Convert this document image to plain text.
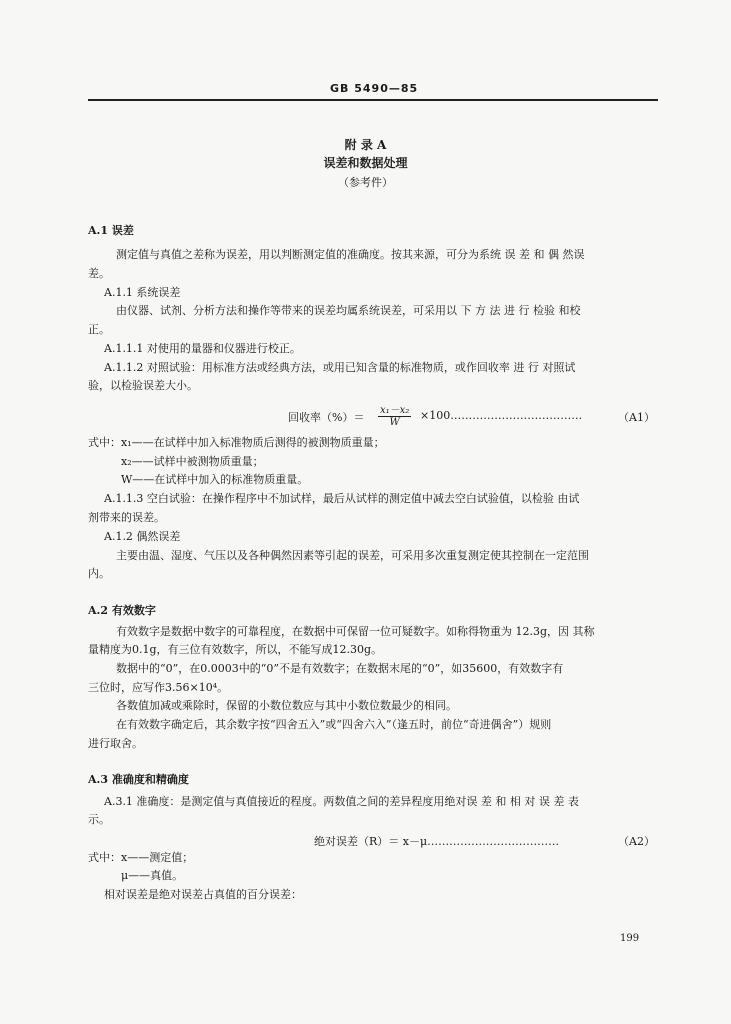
GB 5490—85
附 录 A
误差和数据处理
（参考件）
A.1 误差
测定值与真值之差称为误差，用以判断测定值的准确度。按其来源，可分为系统 误 差 和 偶 然误
差。
A.1.1 系统误差
由仪器、试剂、分析方法和操作等带来的误差均属系统误差，可采用以 下 方 法 进 行 检验 和校
正。
A.1.1.1 对使用的量器和仪器进行校正。
A.1.1.2 对照试验：用标准方法或经典方法，或用已知含量的标准物质，或作回收率 进 行 对照试
验，以检验误差大小。
回收率（%）＝ $\frac{\text{x₁－x₂}}{W}$ ×100………………………………	（A1）
式中：x₁——在试样中加入标准物质后测得的被测物质重量；
x₂——试样中被测物质重量；
W——在试样中加入的标准物质重量。
A.1.1.3 空白试验：在操作程序中不加试样，最后从试样的测定值中减去空白试验值，以检验 由试
剂带来的误差。
A.1.2 偶然误差
主要由温、湿度、气压以及各种偶然因素等引起的误差，可采用多次重复测定使其控制在一定范围
内。
A.2 有效数字
有效数字是数据中数字的可靠程度，在数据中可保留一位可疑数字。如称得物重为 12.3g，因 其称
量精度为0.1g，有三位有效数字，所以，不能写成12.30g。
数据中的“0”，在0.0003中的“0”不是有效数字；在数据末尾的“0”，如35600，有效数字有
三位时，应写作3.56×10⁴。
各数值加减或乘除时，保留的小数位数应与其中小数位数最少的相同。
在有效数字确定后，其余数字按“四舍五入”或“四舍六入”（逢五时，前位“奇进偶舍”）规则
进行取舍。
A.3 准确度和精确度
A.3.1 准确度：是测定值与真值接近的程度。两数值之间的差异程度用绝对误 差 和 相 对 误 差 表
示。
绝对误差（R）＝ x－μ………………………………	（A2）
式中：x——测定值；
μ——真值。
相对误差是绝对误差占真值的百分误差：
199
